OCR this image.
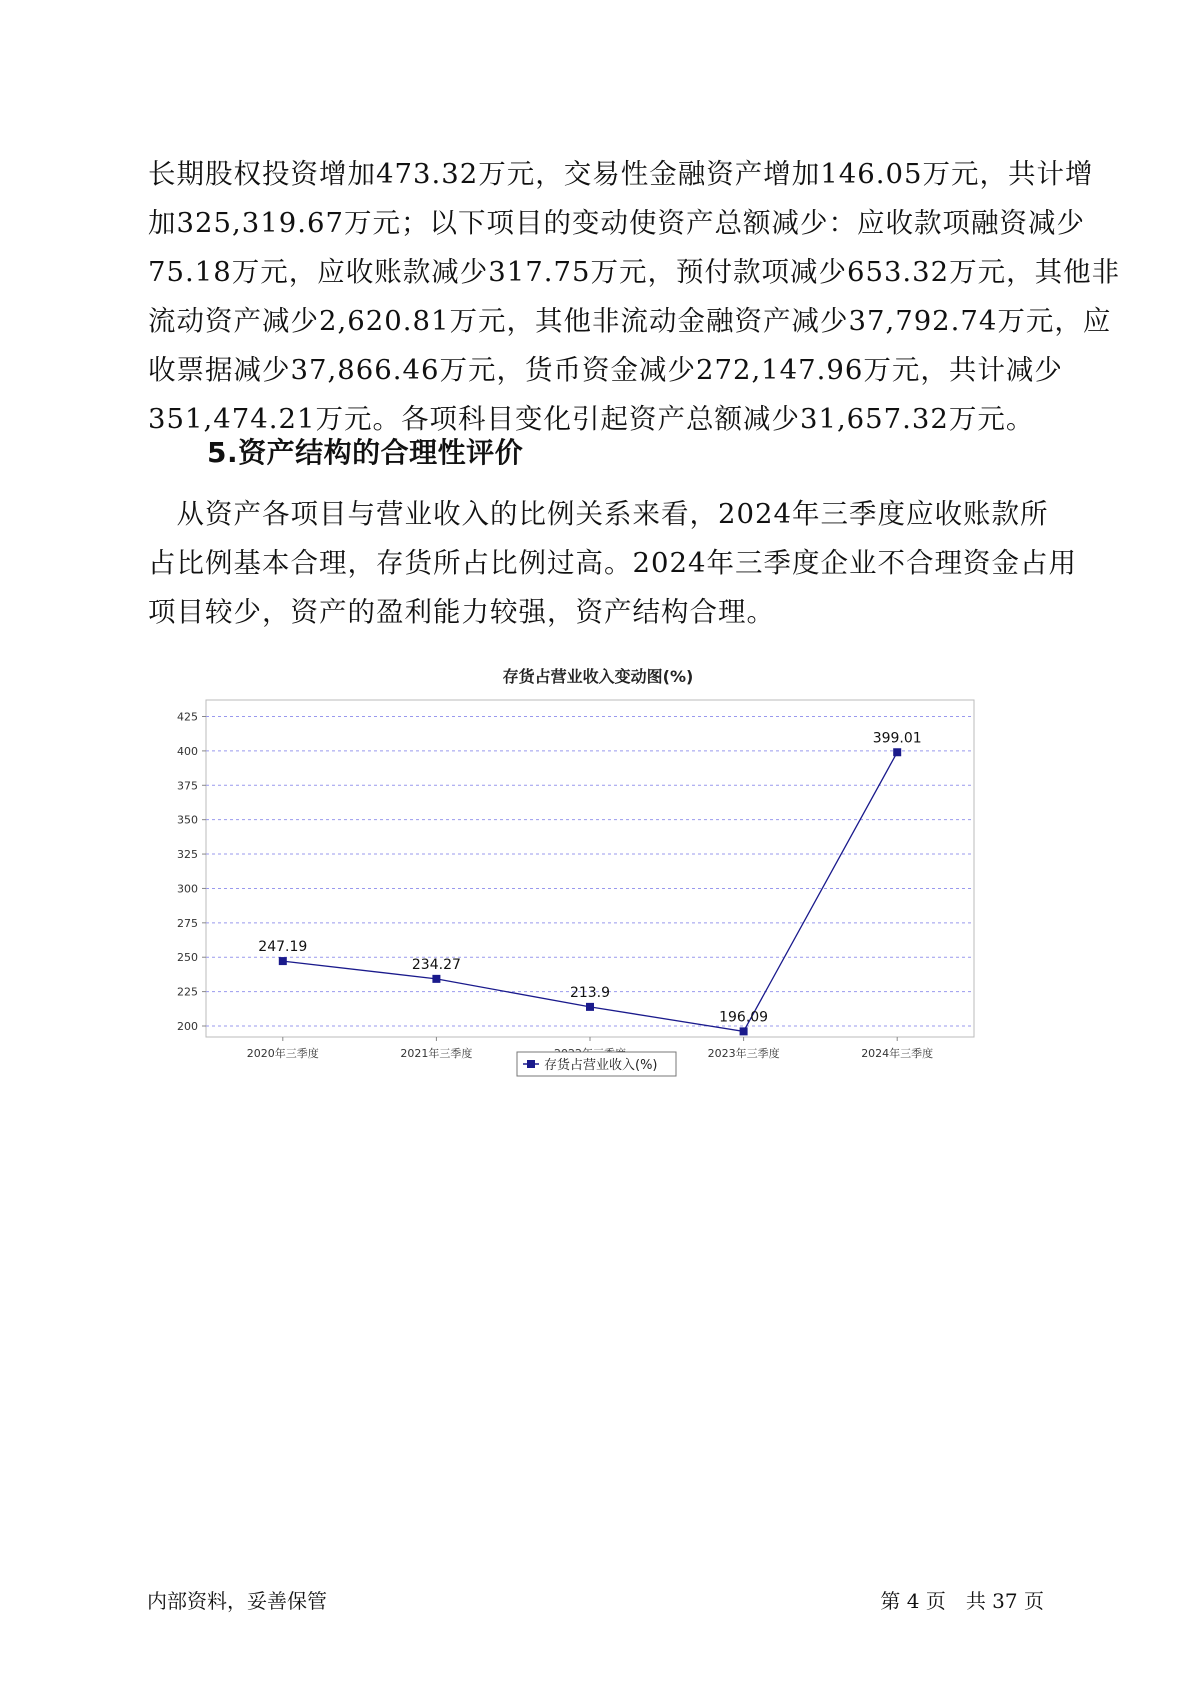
长期股权投资增加473.32万元，交易性金融资产增加146.05万元，共计增
加325,319.67万元；以下项目的变动使资产总额减少：应收款项融资减少
75.18万元，应收账款减少317.75万元，预付款项减少653.32万元，其他非
流动资产减少2,620.81万元，其他非流动金融资产减少37,792.74万元，应
收票据减少37,866.46万元，货币资金减少272,147.96万元，共计减少
351,474.21万元。各项科目变化引起资产总额减少31,657.32万元。
5.资产结构的合理性评价
　从资产各项目与营业收入的比例关系来看，2024年三季度应收账款所
占比例基本合理，存货所占比例过高。2024年三季度企业不合理资金占用
项目较少，资产的盈利能力较强，资产结构合理。
存货占营业收入变动图(%)
200
225
250
275
300
325
350
375
400
425
2020年三季度	2021年三季度	2023年三季度	2024年三季度
247.19
234.27
213.9
196.09
399.01
存货占营业收入(%)
内部资料，妥善保管	第 4 页　共 37 页
